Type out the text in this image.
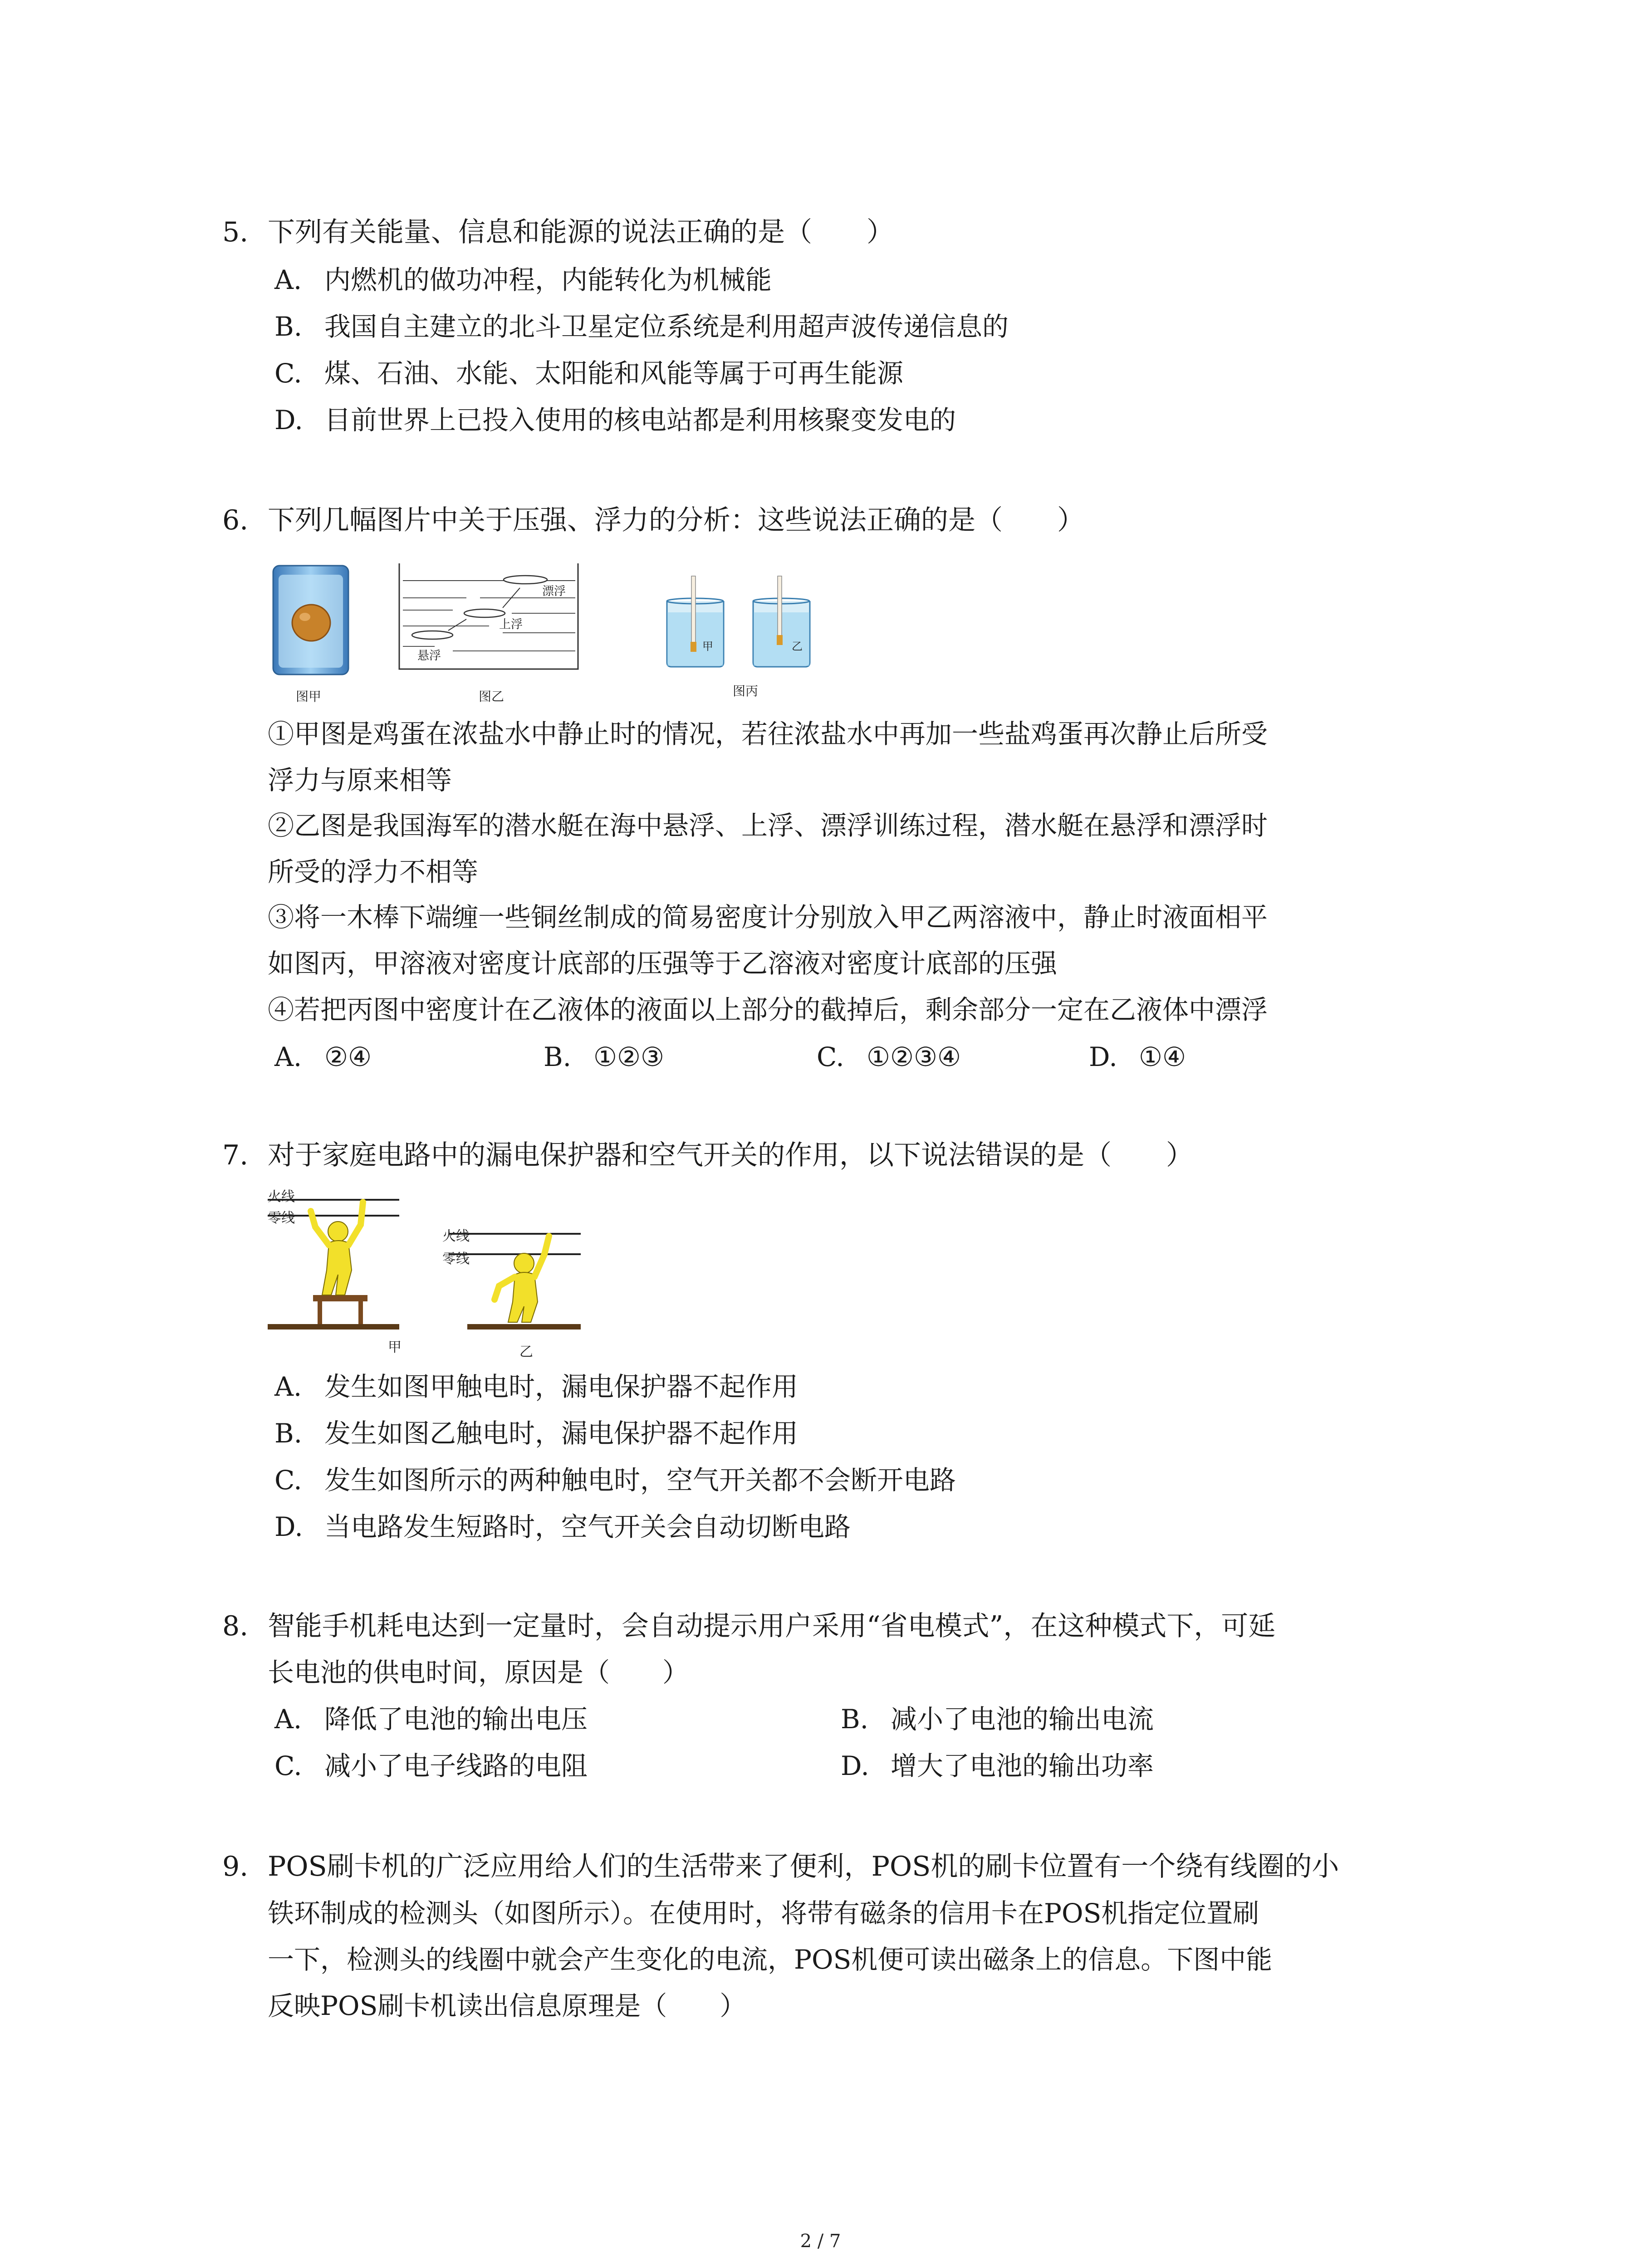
5. 下列有关能量、信息和能源的说法正确的是（　　）
A. 内燃机的做功冲程，内能转化为机械能
B. 我国自主建立的北斗卫星定位系统是利用超声波传递信息的
C. 煤、石油、水能、太阳能和风能等属于可再生能源
D. 目前世界上已投入使用的核电站都是利用核聚变发电的
6. 下列几幅图片中关于压强、浮力的分析：这些说法正确的是（　　）
图甲
漂浮
上浮
悬浮
图乙
甲	乙
图丙
①甲图是鸡蛋在浓盐水中静止时的情况，若往浓盐水中再加一些盐鸡蛋再次静止后所受
浮力与原来相等
②乙图是我国海军的潜水艇在海中悬浮、上浮、漂浮训练过程，潜水艇在悬浮和漂浮时
所受的浮力不相等
③将一木棒下端缠一些铜丝制成的简易密度计分别放入甲乙两溶液中，静止时液面相平
如图丙，甲溶液对密度计底部的压强等于乙溶液对密度计底部的压强
④若把丙图中密度计在乙液体的液面以上部分的截掉后，剩余部分一定在乙液体中漂浮
A. ②④	B. ①②③	C. ①②③④	D. ①④
7. 对于家庭电路中的漏电保护器和空气开关的作用，以下说法错误的是（　　）
火线
零线
火线
零线
甲	乙
A. 发生如图甲触电时，漏电保护器不起作用
B. 发生如图乙触电时，漏电保护器不起作用
C. 发生如图所示的两种触电时，空气开关都不会断开电路
D. 当电路发生短路时，空气开关会自动切断电路
8. 智能手机耗电达到一定量时，会自动提示用户采用“省电模式”，在这种模式下，可延
长电池的供电时间，原因是（　　）
A. 降低了电池的输出电压	B. 减小了电池的输出电流
C. 减小了电子线路的电阻	D. 增大了电池的输出功率
9. POS刷卡机的广泛应用给人们的生活带来了便利，POS机的刷卡位置有一个绕有线圈的小
铁环制成的检测头（如图所示）。在使用时，将带有磁条的信用卡在POS机指定位置刷
一下，检测头的线圈中就会产生变化的电流，POS机便可读出磁条上的信息。下图中能
反映POS刷卡机读出信息原理是（　　）
2 / 7
